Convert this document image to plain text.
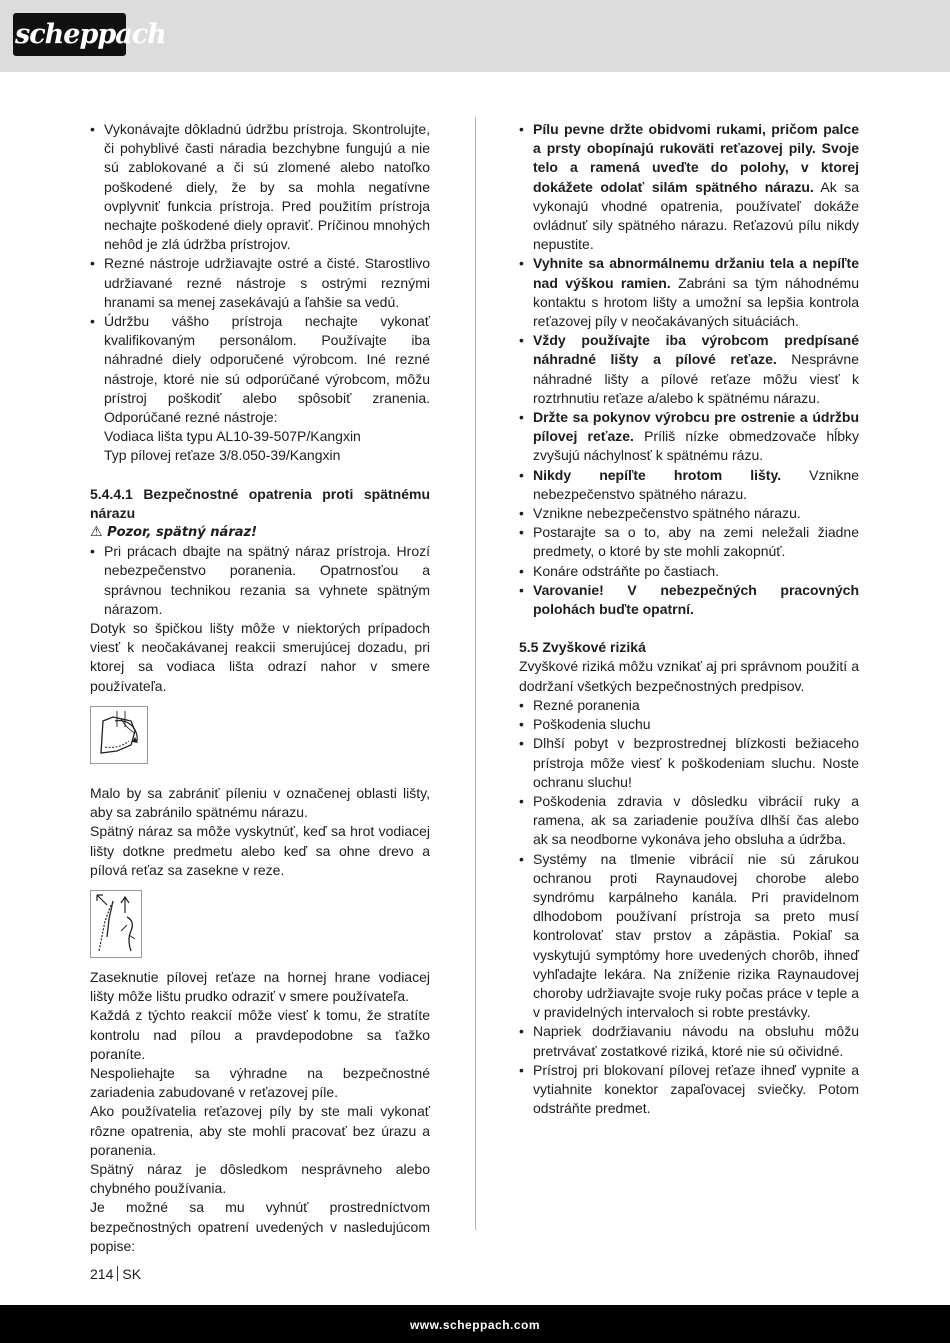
scheppach
• Vykonávajte dôkladnú údržbu prístroja. Skontrolujte, či pohyblivé časti náradia bezchybne fungujú a nie sú zablokované a či sú zlomené alebo natoľko poškodené diely, že by sa mohla negatívne ovplyvniť funkcia prístroja. Pred použitím prístroja nechajte poškodené diely opraviť. Príčinou mnohých nehôd je zlá údržba prístrojov.
• Rezné nástroje udržiavajte ostré a čisté. Starostlivo udržiavané rezné nástroje s ostrými reznými hranami sa menej zasekávajú a ľahšie sa vedú.
• Údržbu vášho prístroja nechajte vykonať kvalifikovaným personálom. Používajte iba náhradné diely odporučené výrobcom. Iné rezné nástroje, ktoré nie sú odporúčané výrobcom, môžu prístroj poškodiť alebo spôsobiť zranenia. Odporúčané rezné nástroje:

Vodiaca lišta typu AL10-39-507P/Kangxin

Typ pílovej reťaze 3/8.050-39/Kangxin

5.4.4.1 Bezpečnostné opatrenia proti spätnému nárazu

⚠ Pozor, spätný náraz!

• Pri prácach dbajte na spätný náraz prístroja. Hrozí nebezpečenstvo poranenia. Opatrnosťou a správnou technikou rezania sa vyhnete spätným nárazom.

Dotyk so špičkou lišty môže v niektorých prípadoch viesť k neočakávanej reakcii smerujúcej dozadu, pri ktorej sa vodiaca lišta odrazí nahor v smere používateľa.

Malo by sa zabrániť píleniu v označenej oblasti lišty, aby sa zabránilo spätnému nárazu.

Spätný náraz sa môže vyskytnúť, keď sa hrot vodiacej lišty dotkne predmetu alebo keď sa ohne drevo a pílová reťaz sa zasekne v reze.

Zaseknutie pílovej reťaze na hornej hrane vodiacej lišty môže lištu prudko odraziť v smere používateľa.

Každá z týchto reakcií môže viesť k tomu, že stratíte kontrolu nad pílou a pravdepodobne sa ťažko poraníte.

Nespoliehajte sa výhradne na bezpečnostné zariadenia zabudované v reťazovej píle.

Ako používatelia reťazovej píly by ste mali vykonať rôzne opatrenia, aby ste mohli pracovať bez úrazu a poranenia.

Spätný náraz je dôsledkom nesprávneho alebo chybného používania.

Je možné sa mu vyhnúť prostredníctvom bezpečnostných opatrení uvedených v nasledujúcom popise:

• Pílu pevne držte obidvomi rukami, pričom palce a prsty obopínajú rukoväti reťazovej pily. Svoje telo a ramená uveďte do polohy, v ktorej dokážete odolať silám spätného nárazu. Ak sa vykonajú vhodné opatrenia, používateľ dokáže ovládnuť sily spätného nárazu. Reťazovú pílu nikdy nepustite.
• Vyhnite sa abnormálnemu držaniu tela a nepíľte nad výškou ramien. Zabráni sa tým náhodnému kontaktu s hrotom lišty a umožní sa lepšia kontrola reťazovej píly v neočakávaných situáciách.
• Vždy používajte iba výrobcom predpísané náhradné lišty a pílové reťaze. Nesprávne náhradné lišty a pílové reťaze môžu viesť k roztrhnutiu reťaze a/alebo k spätnému nárazu.
• Držte sa pokynov výrobcu pre ostrenie a údržbu pílovej reťaze. Príliš nízke obmedzovače hĺbky zvyšujú náchylnosť k spätnému rázu.
• Nikdy nepíľte hrotom lišty. Vznikne nebezpečenstvo spätného nárazu.
• Vznikne nebezpečenstvo spätného nárazu.
• Postarajte sa o to, aby na zemi neležali žiadne predmety, o ktoré by ste mohli zakopnúť.
• Konáre odstráňte po častiach.
• Varovanie! V nebezpečných pracovných polohách buďte opatrní.

5.5 Zvyškové riziká

Zvyškové riziká môžu vznikať aj pri správnom použití a dodržaní všetkých bezpečnostných predpisov.

• Rezné poranenia
• Poškodenia sluchu
• Dlhší pobyt v bezprostrednej blízkosti bežiaceho prístroja môže viesť k poškodeniam sluchu. Noste ochranu sluchu!
• Poškodenia zdravia v dôsledku vibrácií ruky a ramena, ak sa zariadenie používa dlhší čas alebo ak sa neodborne vykonáva jeho obsluha a údržba.
• Systémy na tlmenie vibrácií nie sú zárukou ochranou proti Raynaudovej chorobe alebo syndrómu karpálneho kanála. Pri pravidelnom dlhodobom používaní prístroja sa preto musí kontrolovať stav prstov a zápästia. Pokiaľ sa vyskytujú symptómy hore uvedených chorôb, ihneď vyhľadajte lekára. Na zníženie rizika Raynaudovej choroby udržiavajte svoje ruky počas práce v teple a v pravidelných intervaloch si robte prestávky.
• Napriek dodržiavaniu návodu na obsluhu môžu pretrvávať zostatkové riziká, ktoré nie sú očividné.
• Prístroj pri blokovaní pílovej reťaze ihneď vypnite a vytiahnite konektor zapaľovacej sviečky. Potom odstráňte predmet.
214 SK
www.scheppach.com
